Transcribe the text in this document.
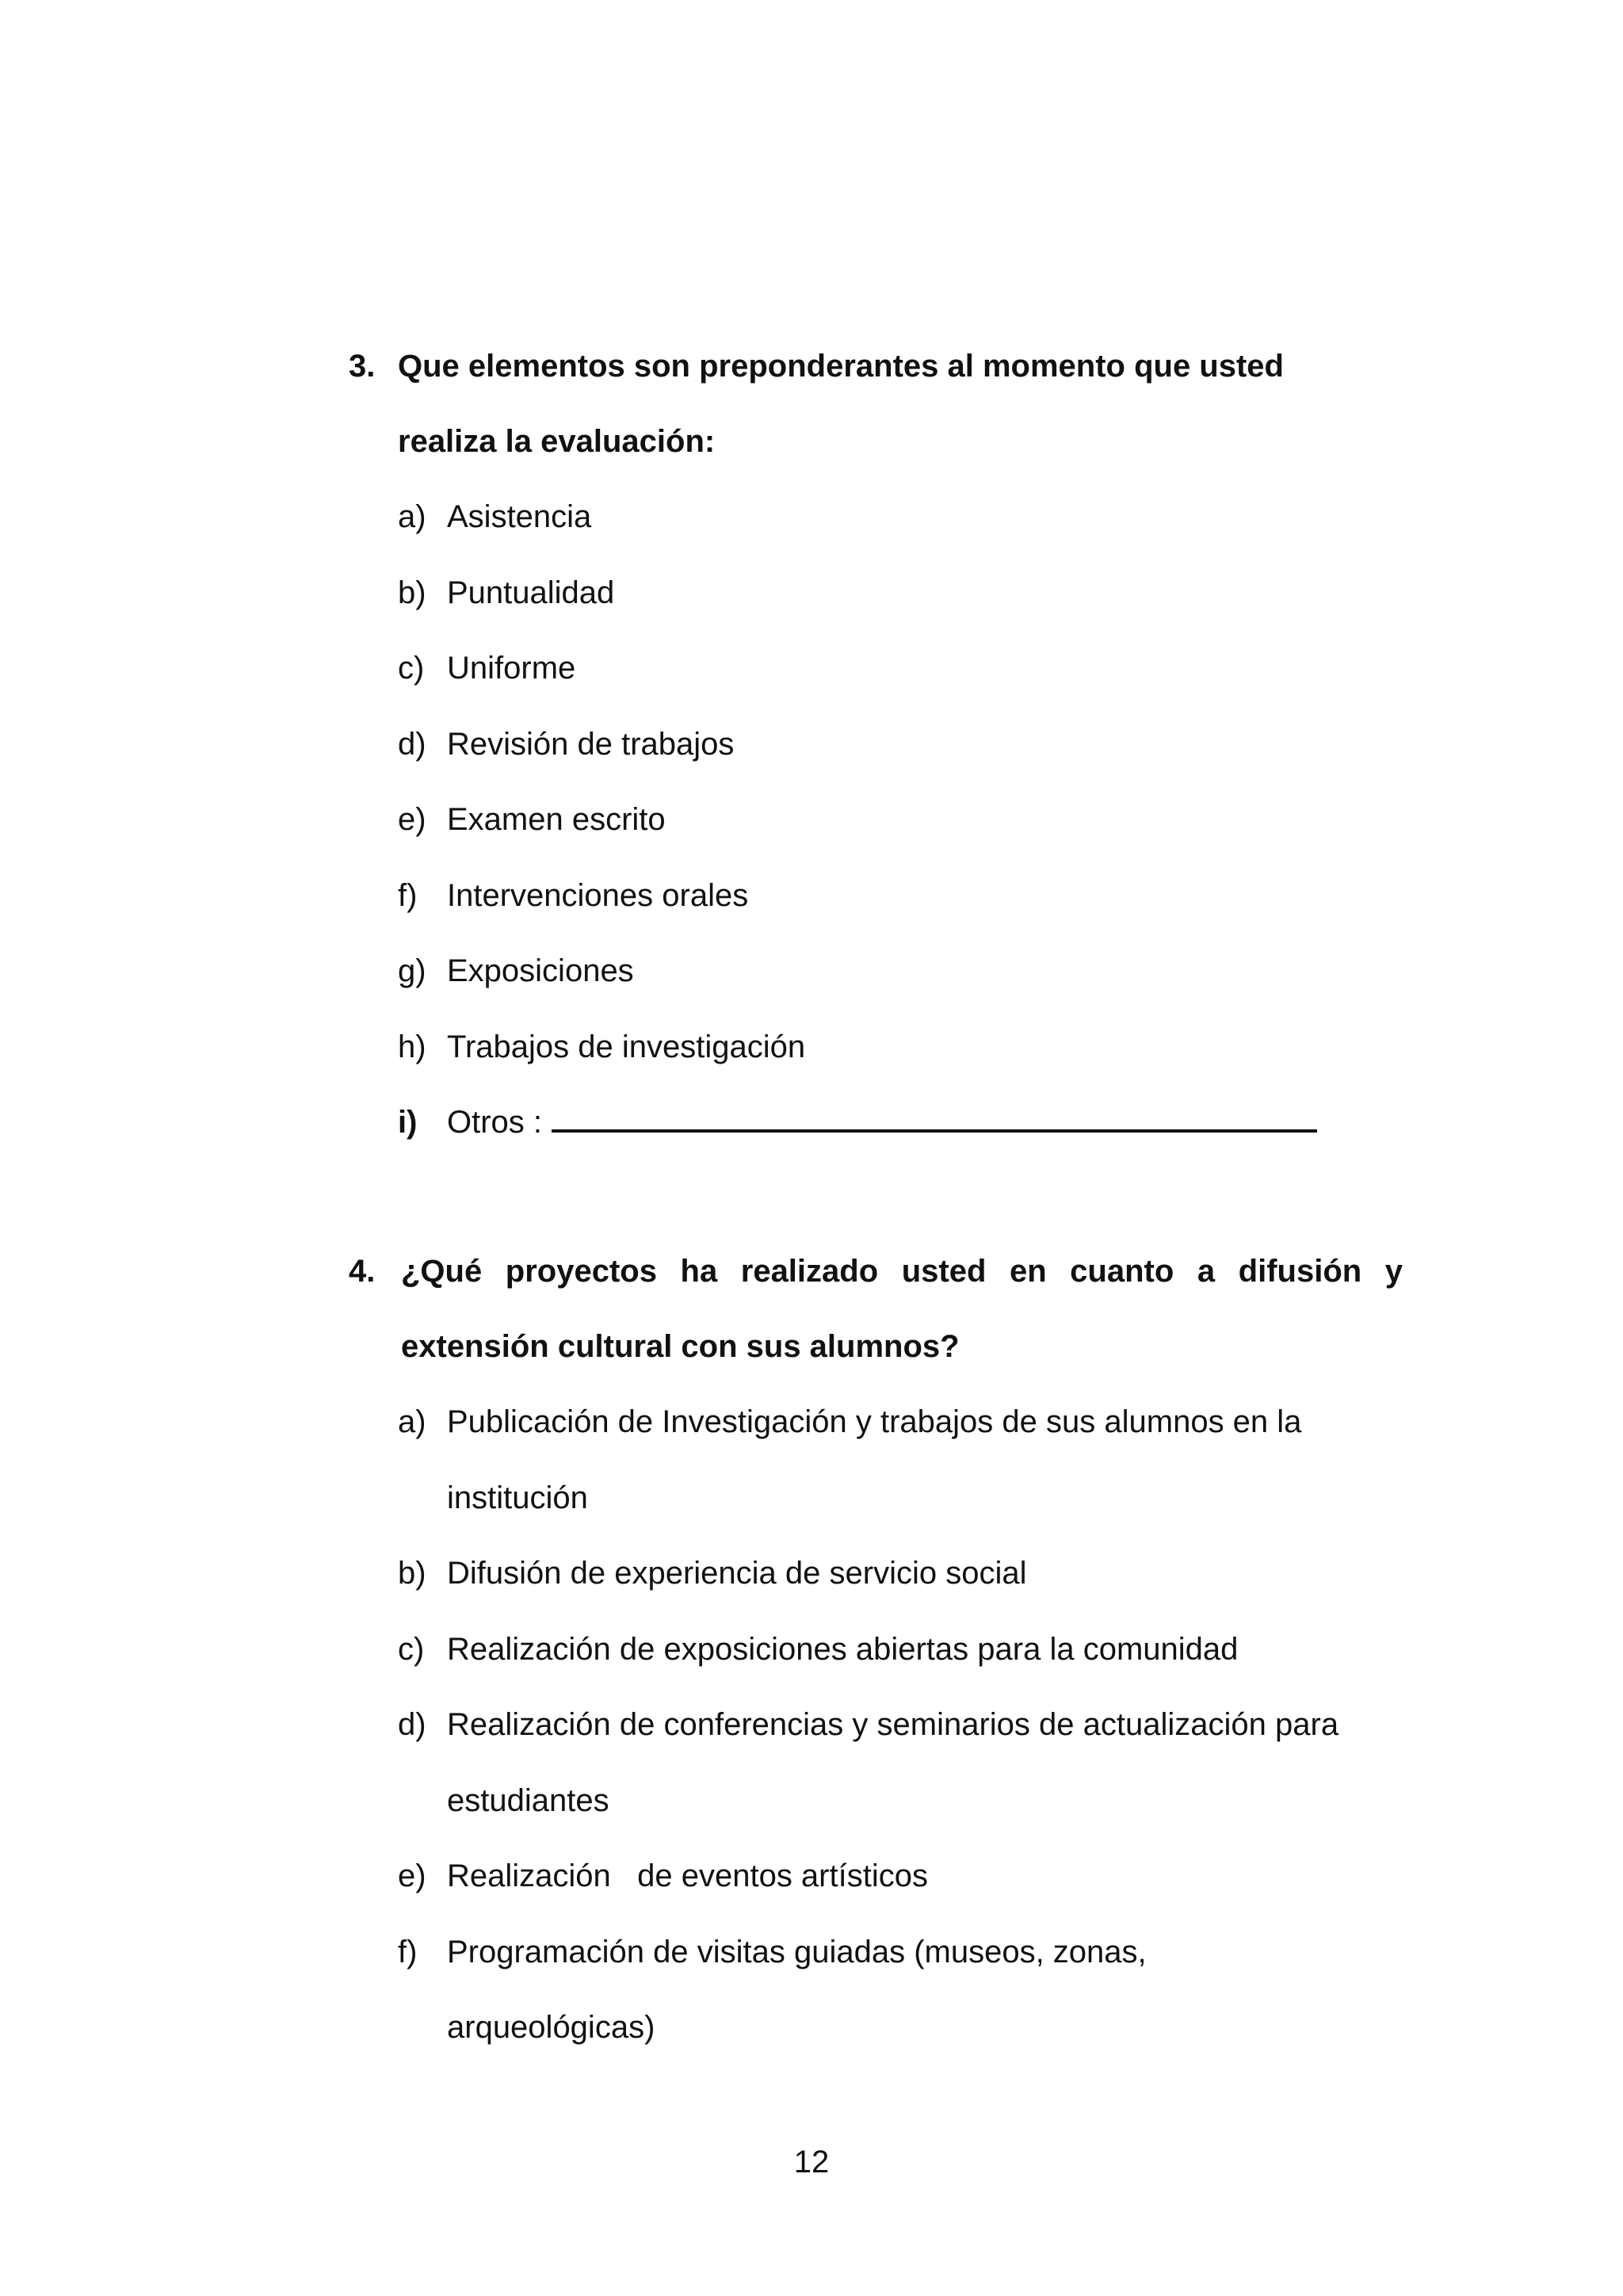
3. Que elementos son preponderantes al momento que usted
realiza la evaluación:
a) Asistencia
b) Puntualidad
c) Uniforme
d) Revisión de trabajos
e) Examen escrito
f) Intervenciones orales
g) Exposiciones
h) Trabajos de investigación
i) Otros :
4. ¿Qué proyectos ha realizado usted en cuanto a difusión y
extensión cultural con sus alumnos?
a) Publicación de Investigación y trabajos de sus alumnos en la
institución
b) Difusión de experiencia de servicio social
c) Realización de exposiciones abiertas para la comunidad
d) Realización de conferencias y seminarios de actualización para
estudiantes
e) Realización   de eventos artísticos
f) Programación de visitas guiadas (museos, zonas,
arqueológicas)
12
